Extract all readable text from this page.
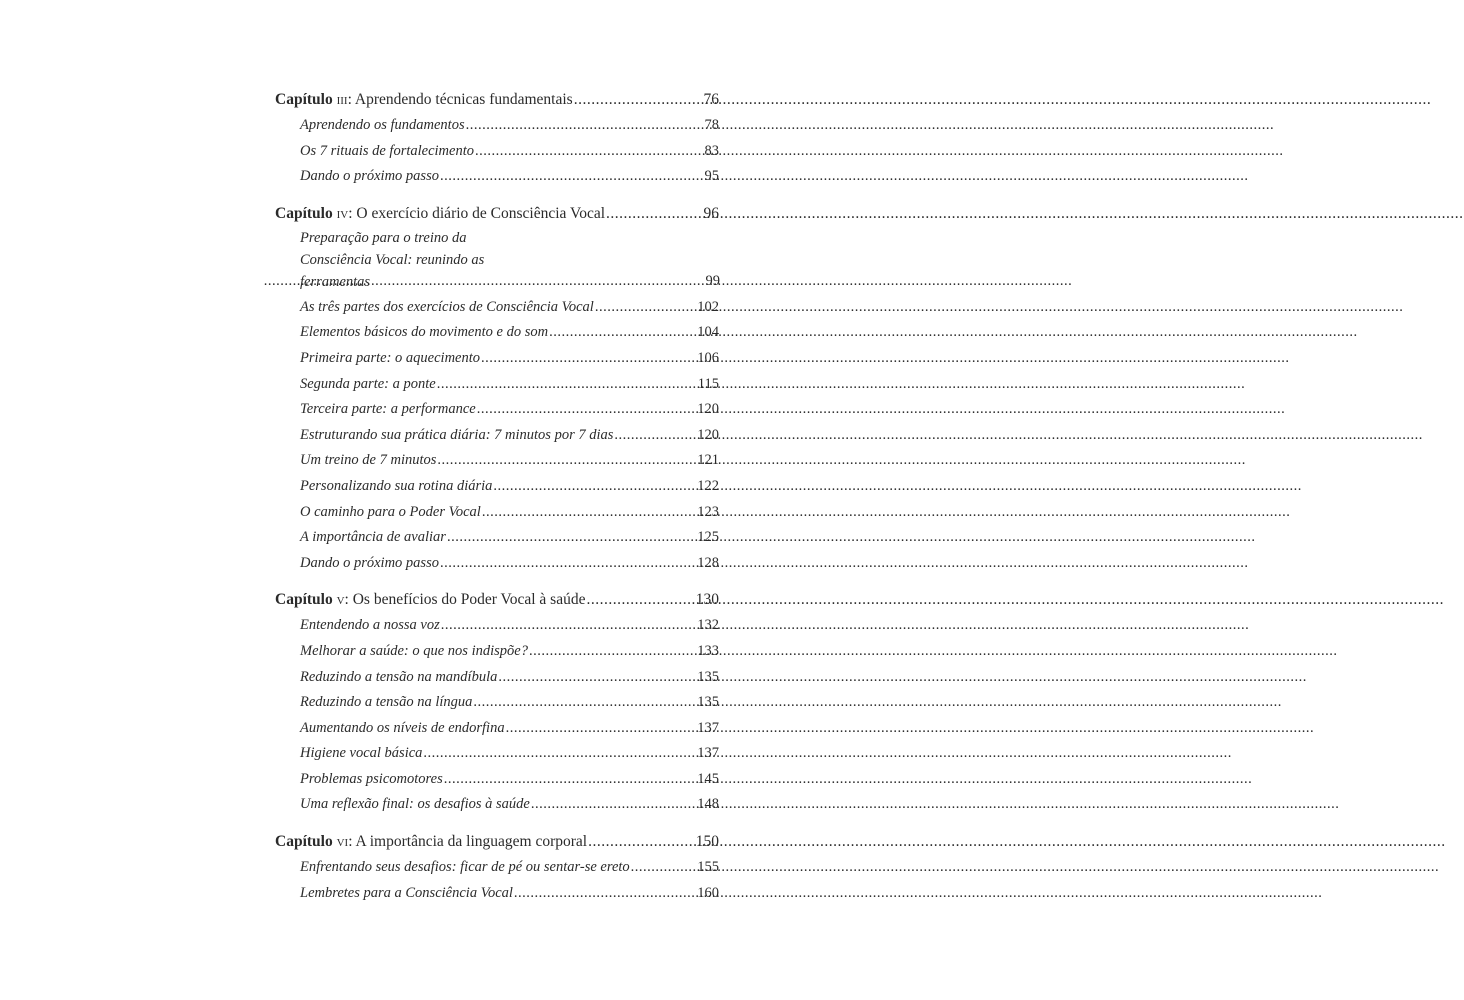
Capítulo iii: Aprendendo técnicas fundamentais .....	76
Aprendendo os fundamentos .....	78
Os 7 rituais de fortalecimento .....	83
Dando o próximo passo .....	95
Capítulo iv: O exercício diário de Consciência Vocal .....	96
Preparação para o treino da Consciência Vocal: reunindo as ferramentas .....	99
As três partes dos exercícios de Consciência Vocal .....	102
Elementos básicos do movimento e do som .....	104
Primeira parte: o aquecimento .....	106
Segunda parte: a ponte .....	115
Terceira parte: a performance .....	120
Estruturando sua prática diária: 7 minutos por 7 dias .....	120
Um treino de 7 minutos .....	121
Personalizando sua rotina diária .....	122
O caminho para o Poder Vocal .....	123
A importância de avaliar .....	125
Dando o próximo passo .....	128
Capítulo v: Os benefícios do Poder Vocal à saúde .....	130
Entendendo a nossa voz .....	132
Melhorar a saúde: o que nos indispõe? .....	133
Reduzindo a tensão na mandíbula .....	135
Reduzindo a tensão na língua .....	135
Aumentando os níveis de endorfina .....	137
Higiene vocal básica .....	137
Problemas psicomotores .....	145
Uma reflexão final: os desafios à saúde .....	148
Capítulo vi: A importância da linguagem corporal .....	150
Enfrentando seus desafios: ficar de pé ou sentar-se ereto .....	155
Lembretes para a Consciência Vocal .....	160
